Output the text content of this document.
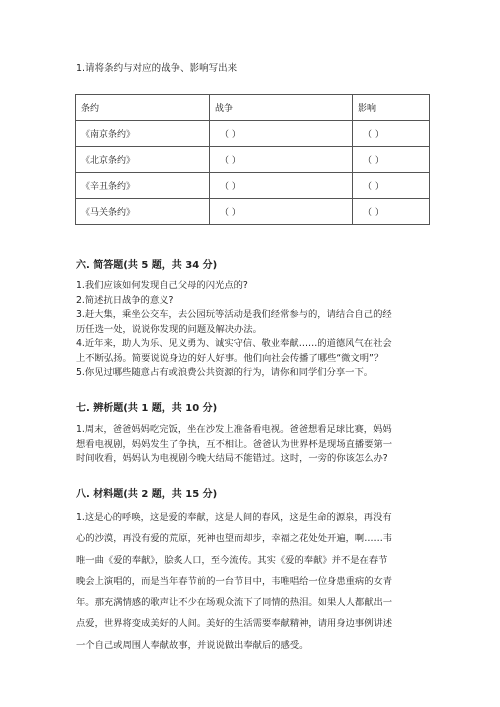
1.请将条约与对应的战争、影响写出来
条约	战争	影响
《南京条约》	（ ）	（ ）
《北京条约》	（ ）	（ ）
《辛丑条约》	（ ）	（ ）
《马关条约》	（ ）	（ ）
六. 简答题(共 5 题，共 34 分)
1.我们应该如何发现自己父母的闪光点的?
2.简述抗日战争的意义?
3.赶大集，乘坐公交车，去公园玩等活动是我们经常参与的，请结合自己的经
历任选一处，说说你发现的问题及解决办法。
4.近年来，助人为乐、见义勇为、诚实守信、敬业奉献……的道德风气在社会
上不断弘扬。简要说说身边的好人好事。他们向社会传播了哪些“微文明”？
5.你见过哪些随意占有或浪费公共资源的行为，请你和同学们分享一下。
七. 辨析题(共 1 题，共 10 分)
1.周末，爸爸妈妈吃完饭，坐在沙发上准备看电视。爸爸想看足球比赛，妈妈
想看电视剧，妈妈发生了争执，互不相让。爸爸认为世界杯是现场直播要第一
时间收看，妈妈认为电视剧今晚大结局不能错过。这时，一旁的你该怎么办?
八. 材料题(共 2 题，共 15 分)
1.这是心的呼唤，这是爱的奉献，这是人间的春风，这是生命的源泉，再没有
心的沙漠，再没有爱的荒原，死神也望而却步，幸福之花处处开遍，啊……韦
唯一曲《爱的奉献》，脍炙人口，至今流传。其实《爱的奉献》并不是在春节
晚会上演唱的，而是当年春节前的一台节目中，韦唯唱给一位身患重病的女青
年。那充满情感的歌声让不少在场观众流下了同情的热泪。如果人人都献出一
点爱，世界将变成美好的人间。美好的生活需要奉献精神，请用身边事例讲述
一个自己或周围人奉献故事，并说说做出奉献后的感受。
